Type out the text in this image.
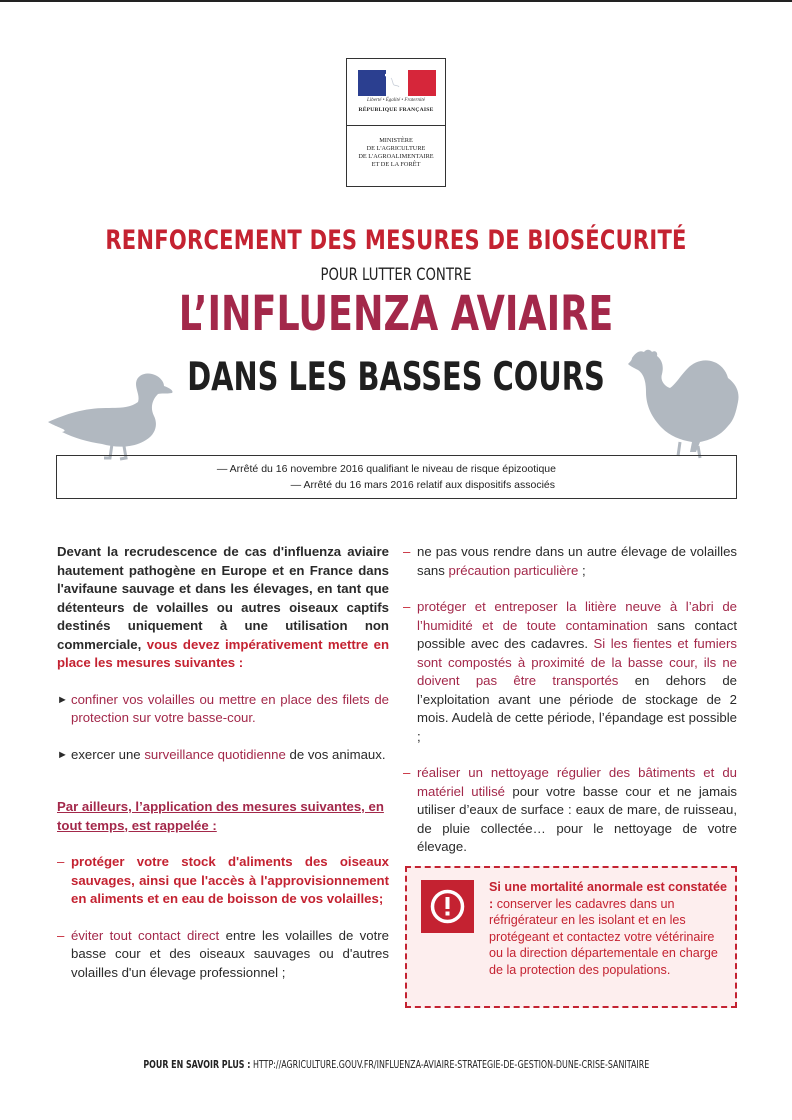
Liberté • Égalité • Fraternité
RÉPUBLIQUE FRANÇAISE
MINISTÈRE
DE L'AGRICULTURE
DE L'AGROALIMENTAIRE
ET DE LA FORÊT
RENFORCEMENT DES MESURES DE BIOSÉCURITÉ
POUR LUTTER CONTRE
L’INFLUENZA AVIAIRE
DANS LES BASSES COURS
— Arrêté du 16 novembre 2016 qualifiant le niveau de risque épizootique
— Arrêté du 16 mars 2016 relatif aux dispositifs associés

Devant la recrudescence de cas d'influenza aviaire hautement pathogène en Europe et en France dans l'avifaune sauvage et dans les élevages, en tant que détenteurs de volailles ou autres oiseaux captifs destinés uniquement à une utilisation non commerciale, vous devez impérativement mettre en place les mesures suivantes :

► confiner vos volailles ou mettre en place des filets de protection sur votre basse-cour.
► exercer une surveillance quotidienne de vos animaux.

Par ailleurs, l’application des mesures suivantes, en tout temps, est rappelée :

– protéger votre stock d'aliments des oiseaux sauvages, ainsi que l'accès à l'approvisionnement en aliments et en eau de boisson de vos volailles;
– éviter tout contact direct entre les volailles de votre basse cour et des oiseaux sauvages ou d'autres volailles d'un élevage professionnel ;
– ne pas vous rendre dans un autre élevage de volailles sans précaution particulière ;
– protéger et entreposer la litière neuve à l’abri de l’humidité et de toute contamination sans contact possible avec des cadavres. Si les fientes et fumiers sont compostés à proximité de la basse cour, ils ne doivent pas être transportés en dehors de l’exploitation avant une période de stockage de 2 mois. Audelà de cette période, l’épandage est possible ;
– réaliser un nettoyage régulier des bâtiments et du matériel utilisé pour votre basse cour et ne jamais utiliser d’eaux de surface : eaux de mare, de ruisseau, de pluie collectée… pour le nettoyage de votre élevage.
Si une mortalité anormale est constatée : conserver les cadavres dans un réfrigérateur en les isolant et en les protégeant et contactez votre vétérinaire ou la direction départementale en charge de la protection des populations.
POUR EN SAVOIR PLUS : HTTP://AGRICULTURE.GOUV.FR/INFLUENZA-AVIAIRE-STRATEGIE-DE-GESTION-DUNE-CRISE-SANITAIRE
